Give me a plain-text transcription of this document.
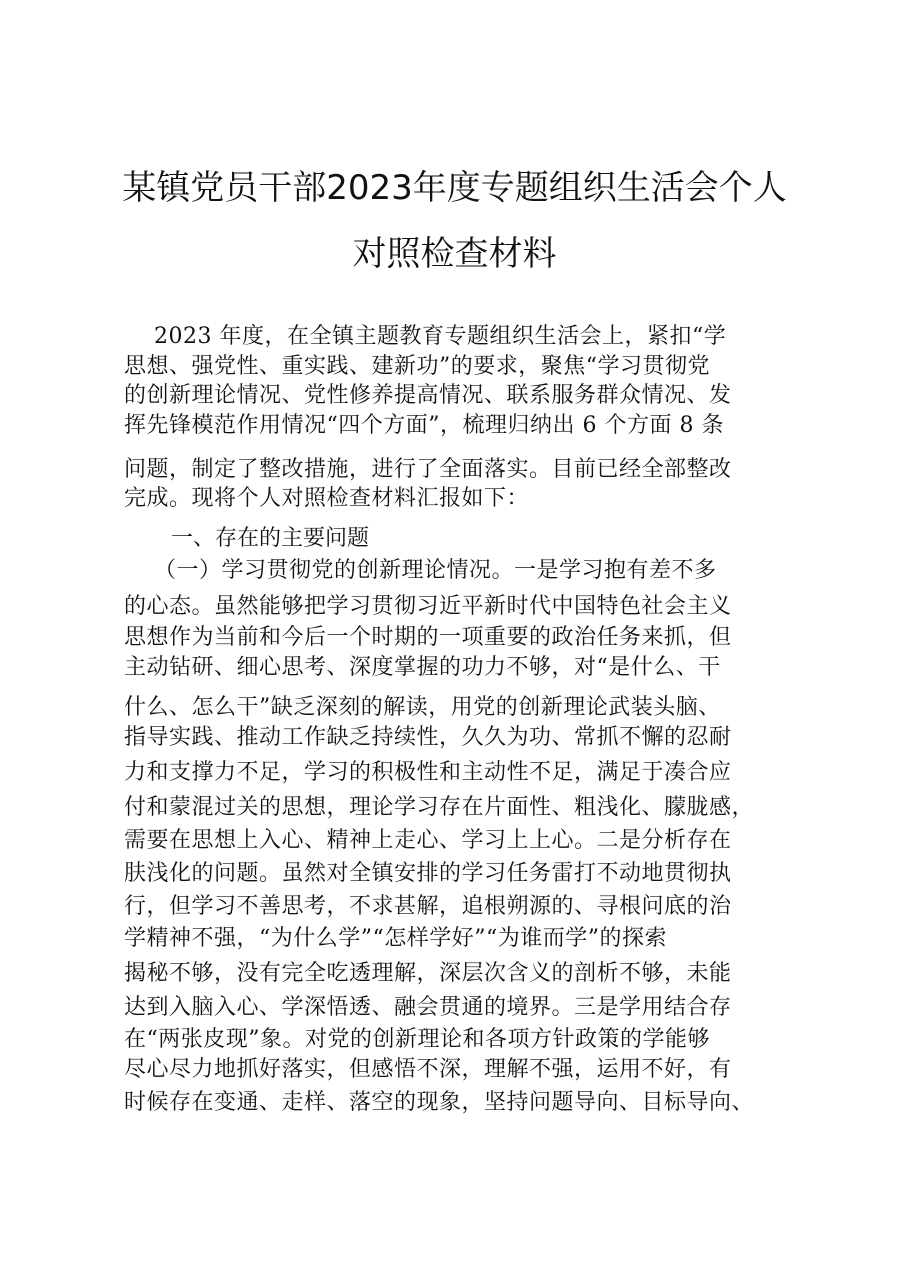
某镇党员干部2023年度专题组织生活会个人
对照检查材料
2023 年度，在全镇主题教育专题组织生活会上，紧扣“学
思想、强党性、重实践、建新功”的要求，聚焦“学习贯彻党
的创新理论情况、党性修养提高情况、联系服务群众情况、发
挥先锋模范作用情况“四个方面”，梳理归纳出 6 个方面 8 条
问题，制定了整改措施，进行了全面落实。目前已经全部整改
完成。现将个人对照检查材料汇报如下：
一、存在的主要问题
（一）学习贯彻党的创新理论情况。一是学习抱有差不多
的心态。虽然能够把学习贯彻习近平新时代中国特色社会主义
思想作为当前和今后一个时期的一项重要的政治任务来抓，但
主动钻研、细心思考、深度掌握的功力不够，对“是什么、干
什么、怎么干”缺乏深刻的解读，用党的创新理论武装头脑、
指导实践、推动工作缺乏持续性，久久为功、常抓不懈的忍耐
力和支撑力不足，学习的积极性和主动性不足，满足于凑合应
付和蒙混过关的思想，理论学习存在片面性、粗浅化、朦胧感，
需要在思想上入心、精神上走心、学习上上心。二是分析存在
肤浅化的问题。虽然对全镇安排的学习任务雷打不动地贯彻执
行，但学习不善思考，不求甚解，追根朔源的、寻根问底的治
学精神不强，“为什么学”“怎样学好”“为谁而学”的探索
揭秘不够，没有完全吃透理解，深层次含义的剖析不够，未能
达到入脑入心、学深悟透、融会贯通的境界。三是学用结合存
在“两张皮现”象。对党的创新理论和各项方针政策的学能够
尽心尽力地抓好落实，但感悟不深，理解不强，运用不好，有
时候存在变通、走样、落空的现象，坚持问题导向、目标导向、
